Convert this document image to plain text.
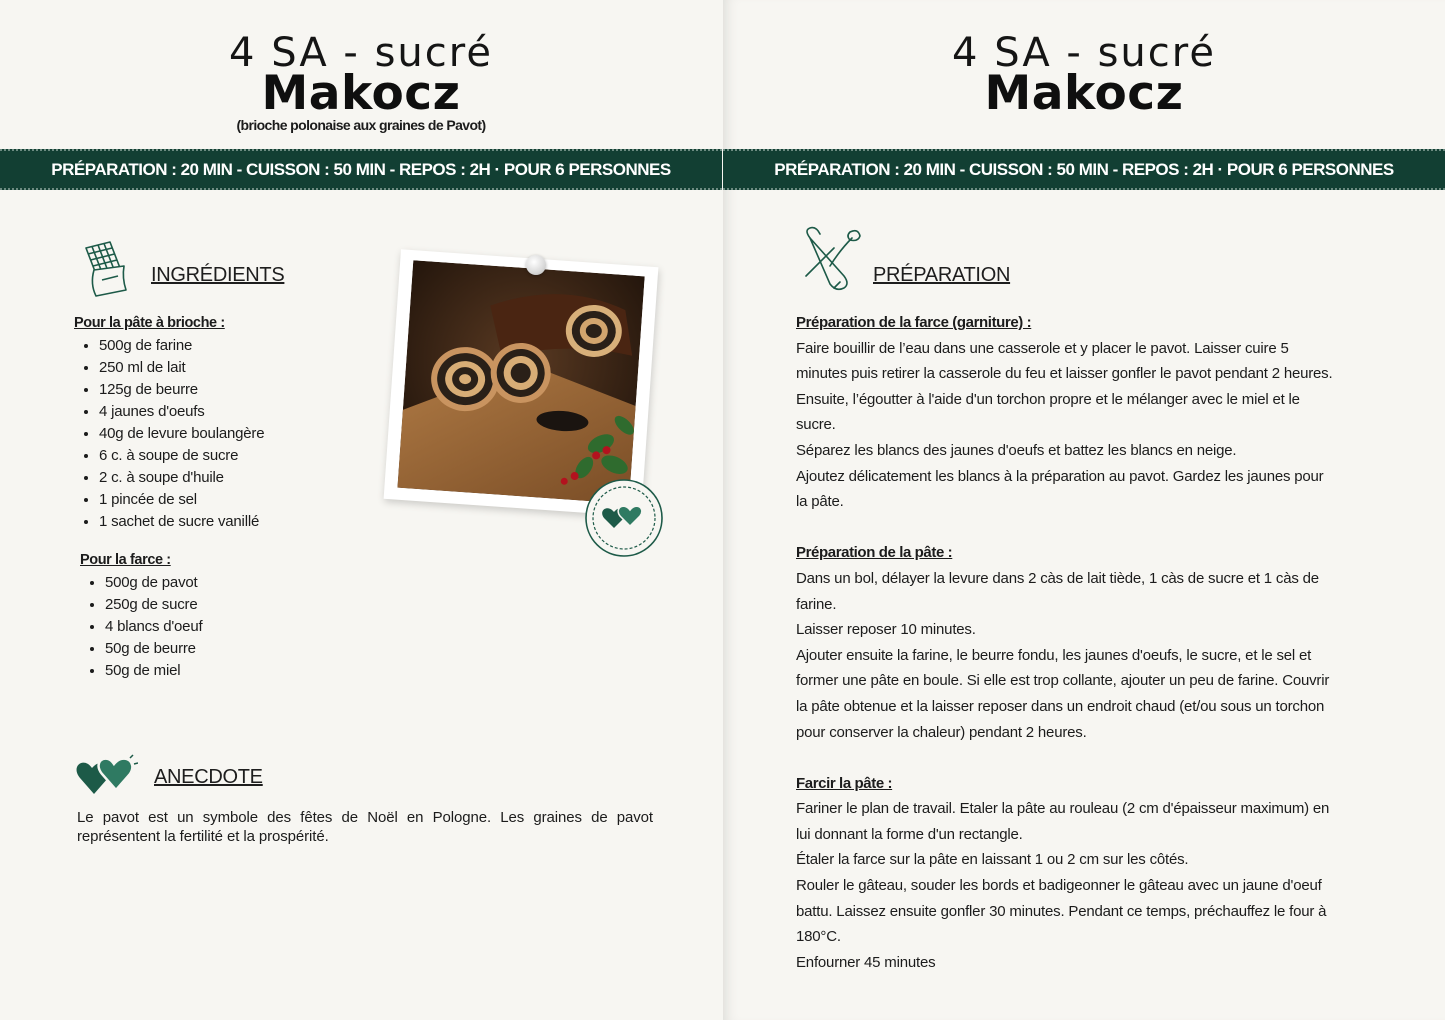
4 SA - sucré
Makocz
(brioche polonaise aux graines de Pavot)
PRÉPARATION : 20 MIN - CUISSON : 50 MIN - REPOS : 2H · POUR 6 PERSONNES
INGRÉDIENTS
Pour la pâte à brioche :
• 500g de farine
• 250 ml de lait
• 125g de beurre
• 4 jaunes d'oeufs
• 40g de levure boulangère
• 6 c. à soupe de sucre
• 2 c. à soupe d'huile
• 1 pincée de sel
• 1 sachet de sucre vanillé
Pour la farce :
• 500g de pavot
• 250g de sucre
• 4 blancs d'oeuf
• 50g de beurre
• 50g de miel
ANECDOTE
Le pavot est un symbole des fêtes de Noël en Pologne. Les graines de pavot représentent la fertilité et la prospérité.
4 SA - sucré
Makocz
PRÉPARATION : 20 MIN - CUISSON : 50 MIN - REPOS : 2H · POUR 6 PERSONNES
PRÉPARATION

Préparation de la farce (garniture) :

Faire bouillir de l’eau dans une casserole et y placer le pavot. Laisser cuire 5

minutes puis retirer la casserole du feu et laisser gonfler le pavot pendant 2 heures.

Ensuite, l’égoutter à l'aide d'un torchon propre et le mélanger avec le miel et le

sucre.

Séparez les blancs des jaunes d'oeufs et battez les blancs en neige.

Ajoutez délicatement les blancs à la préparation au pavot. Gardez les jaunes pour

la pâte.

Préparation de la pâte :

Dans un bol, délayer la levure dans 2 càs de lait tiède, 1 càs de sucre et 1 càs de

farine.

Laisser reposer 10 minutes.

Ajouter ensuite la farine, le beurre fondu, les jaunes d'oeufs, le sucre, et le sel et

former une pâte en boule. Si elle est trop collante, ajouter un peu de farine. Couvrir

la pâte obtenue et la laisser reposer dans un endroit chaud (et/ou sous un torchon

pour conserver la chaleur) pendant 2 heures.

Farcir la pâte :

Fariner le plan de travail. Etaler la pâte au rouleau (2 cm d'épaisseur maximum) en

lui donnant la forme d'un rectangle.

Étaler la farce sur la pâte en laissant 1 ou 2 cm sur les côtés.

Rouler le gâteau, souder les bords et badigeonner le gâteau avec un jaune d'oeuf

battu. Laissez ensuite gonfler 30 minutes. Pendant ce temps, préchauffez le four à

180°C.

Enfourner 45 minutes
